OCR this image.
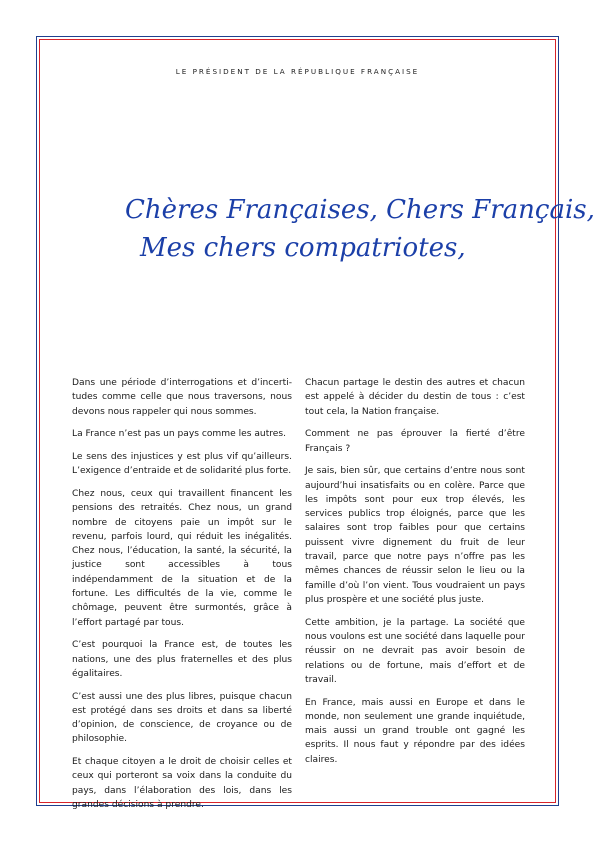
LE PRÉSIDENT DE LA RÉPUBLIQUE FRANÇAISE
Chères Françaises, Chers Français,
Mes chers compatriotes,

Dans une période d’interrogations et d’incerti-tudes comme celle que nous traversons, nous devons nous rappeler qui nous sommes.

La France n’est pas un pays comme les autres.

Le sens des injustices y est plus vif qu’ailleurs. L’exigence d’entraide et de solidarité plus forte.

Chez nous, ceux qui travaillent financent les pensions des retraités. Chez nous, un grand nombre de citoyens paie un impôt sur le revenu, parfois lourd, qui réduit les inégalités. Chez nous, l’éducation, la santé, la sécurité, la justice sont accessibles à tous indépendamment de la situation et de la fortune. Les difficultés de la vie, comme le chômage, peuvent être surmontés, grâce à l’effort partagé par tous.

C’est pourquoi la France est, de toutes les nations, une des plus fraternelles et des plus égalitaires.

C’est aussi une des plus libres, puisque chacun est protégé dans ses droits et dans sa liberté d’opinion, de conscience, de croyance ou de philosophie.

Et chaque citoyen a le droit de choisir celles et ceux qui porteront sa voix dans la conduite du pays, dans l’élaboration des lois, dans les grandes décisions à prendre.

Chacun partage le destin des autres et chacun est appelé à décider du destin de tous : c’est tout cela, la Nation française.

Comment ne pas éprouver la fierté d’être Français ?

Je sais, bien sûr, que certains d’entre nous sont aujourd’hui insatisfaits ou en colère. Parce que les impôts sont pour eux trop élevés, les services publics trop éloignés, parce que les salaires sont trop faibles pour que certains puissent vivre dignement du fruit de leur travail, parce que notre pays n’offre pas les mêmes chances de réussir selon le lieu ou la famille d’où l’on vient. Tous voudraient un pays plus prospère et une société plus juste.

Cette ambition, je la partage. La société que nous voulons est une société dans laquelle pour réussir on ne devrait pas avoir besoin de relations ou de fortune, mais d’effort et de travail.

En France, mais aussi en Europe et dans le monde, non seulement une grande inquiétude, mais aussi un grand trouble ont gagné les esprits. Il nous faut y répondre par des idées claires.
